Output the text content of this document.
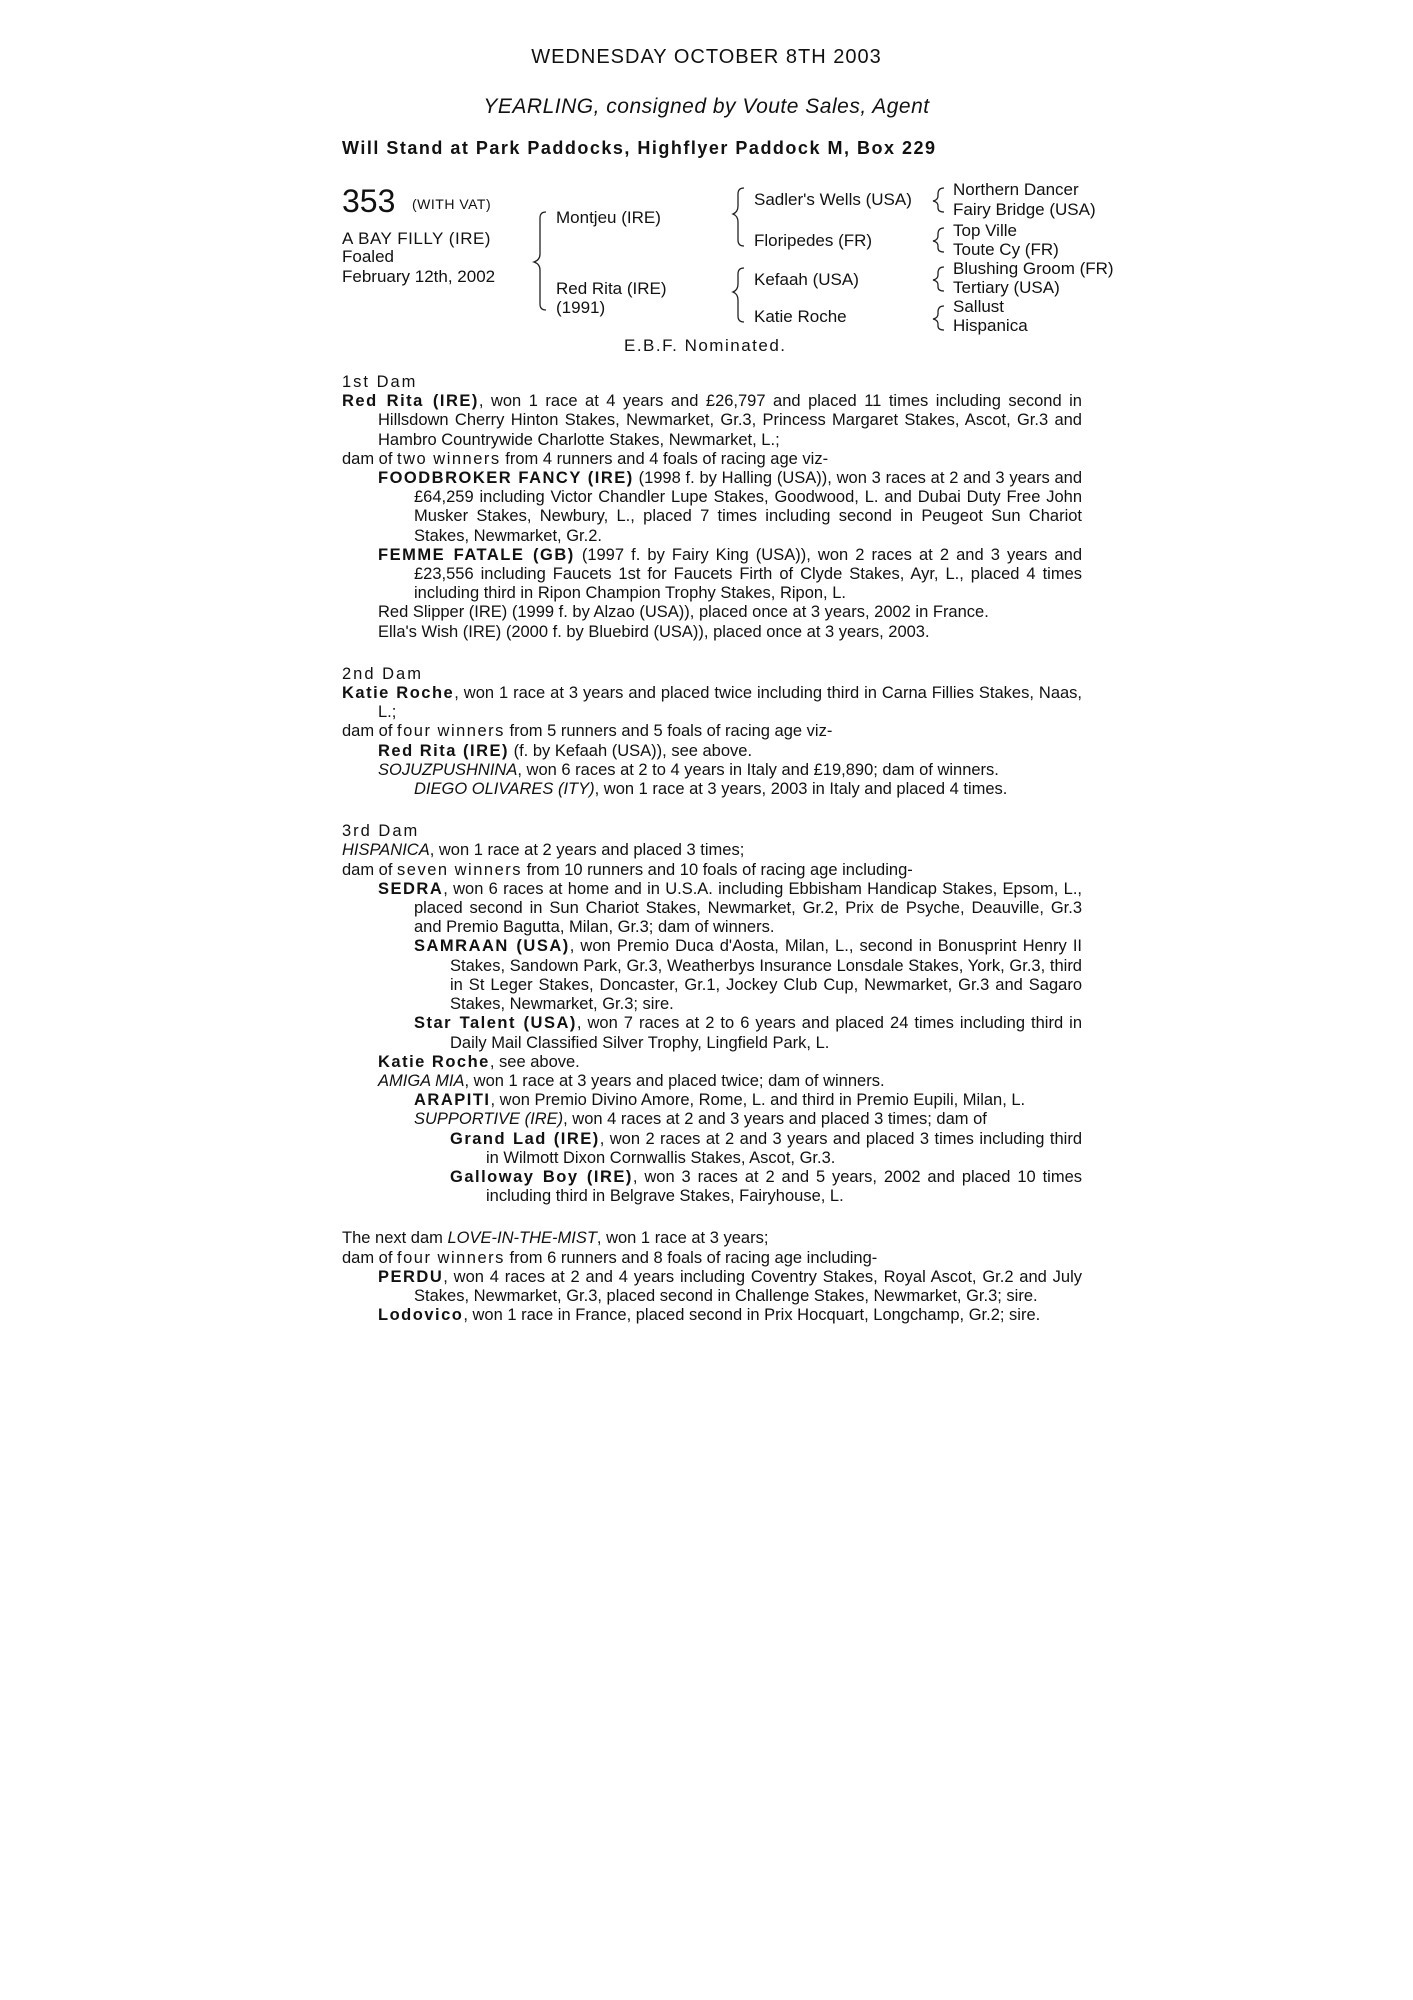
WEDNESDAY OCTOBER 8TH 2003
YEARLING, consigned by Voute Sales, Agent
Will Stand at Park Paddocks, Highflyer Paddock M, Box 229
353 (WITH VAT)
A BAY FILLY (IRE)
Foaled
February 12th, 2002
Montjeu (IRE)
Red Rita (IRE)
(1991)
Sadler's Wells (USA)
Floripedes (FR)
Kefaah (USA)
Katie Roche
Northern Dancer
Fairy Bridge (USA)
Top Ville
Toute Cy (FR)
Blushing Groom (FR)
Tertiary (USA)
Sallust
Hispanica
E.B.F. Nominated.

1st Dam

Red Rita (IRE), won 1 race at 4 years and £26,797 and placed 11 times including second in Hillsdown Cherry Hinton Stakes, Newmarket, Gr.3, Princess Margaret Stakes, Ascot, Gr.3 and Hambro Countrywide Charlotte Stakes, Newmarket, L.;

dam of two winners from 4 runners and 4 foals of racing age viz-

FOODBROKER FANCY (IRE) (1998 f. by Halling (USA)), won 3 races at 2 and 3 years and £64,259 including Victor Chandler Lupe Stakes, Goodwood, L. and Dubai Duty Free John Musker Stakes, Newbury, L., placed 7 times including second in Peugeot Sun Chariot Stakes, Newmarket, Gr.2.

FEMME FATALE (GB) (1997 f. by Fairy King (USA)), won 2 races at 2 and 3 years and £23,556 including Faucets 1st for Faucets Firth of Clyde Stakes, Ayr, L., placed 4 times including third in Ripon Champion Trophy Stakes, Ripon, L.

Red Slipper (IRE) (1999 f. by Alzao (USA)), placed once at 3 years, 2002 in France.

Ella's Wish (IRE) (2000 f. by Bluebird (USA)), placed once at 3 years, 2003.

2nd Dam

Katie Roche, won 1 race at 3 years and placed twice including third in Carna Fillies Stakes, Naas, L.;

dam of four winners from 5 runners and 5 foals of racing age viz-

Red Rita (IRE) (f. by Kefaah (USA)), see above.

SOJUZPUSHNINA, won 6 races at 2 to 4 years in Italy and £19,890; dam of winners.

DIEGO OLIVARES (ITY), won 1 race at 3 years, 2003 in Italy and placed 4 times.

3rd Dam

HISPANICA, won 1 race at 2 years and placed 3 times;

dam of seven winners from 10 runners and 10 foals of racing age including-

SEDRA, won 6 races at home and in U.S.A. including Ebbisham Handicap Stakes, Epsom, L., placed second in Sun Chariot Stakes, Newmarket, Gr.2, Prix de Psyche, Deauville, Gr.3 and Premio Bagutta, Milan, Gr.3; dam of winners.

SAMRAAN (USA), won Premio Duca d'Aosta, Milan, L., second in Bonusprint Henry II Stakes, Sandown Park, Gr.3, Weatherbys Insurance Lonsdale Stakes, York, Gr.3, third in St Leger Stakes, Doncaster, Gr.1, Jockey Club Cup, Newmarket, Gr.3 and Sagaro Stakes, Newmarket, Gr.3; sire.

Star Talent (USA), won 7 races at 2 to 6 years and placed 24 times including third in Daily Mail Classified Silver Trophy, Lingfield Park, L.

Katie Roche, see above.

AMIGA MIA, won 1 race at 3 years and placed twice; dam of winners.

ARAPITI, won Premio Divino Amore, Rome, L. and third in Premio Eupili, Milan, L.

SUPPORTIVE (IRE), won 4 races at 2 and 3 years and placed 3 times; dam of

Grand Lad (IRE), won 2 races at 2 and 3 years and placed 3 times including third in Wilmott Dixon Cornwallis Stakes, Ascot, Gr.3.

Galloway Boy (IRE), won 3 races at 2 and 5 years, 2002 and placed 10 times including third in Belgrave Stakes, Fairyhouse, L.

The next dam LOVE-IN-THE-MIST, won 1 race at 3 years;

dam of four winners from 6 runners and 8 foals of racing age including-

PERDU, won 4 races at 2 and 4 years including Coventry Stakes, Royal Ascot, Gr.2 and July Stakes, Newmarket, Gr.3, placed second in Challenge Stakes, Newmarket, Gr.3; sire.

Lodovico, won 1 race in France, placed second in Prix Hocquart, Longchamp, Gr.2; sire.
